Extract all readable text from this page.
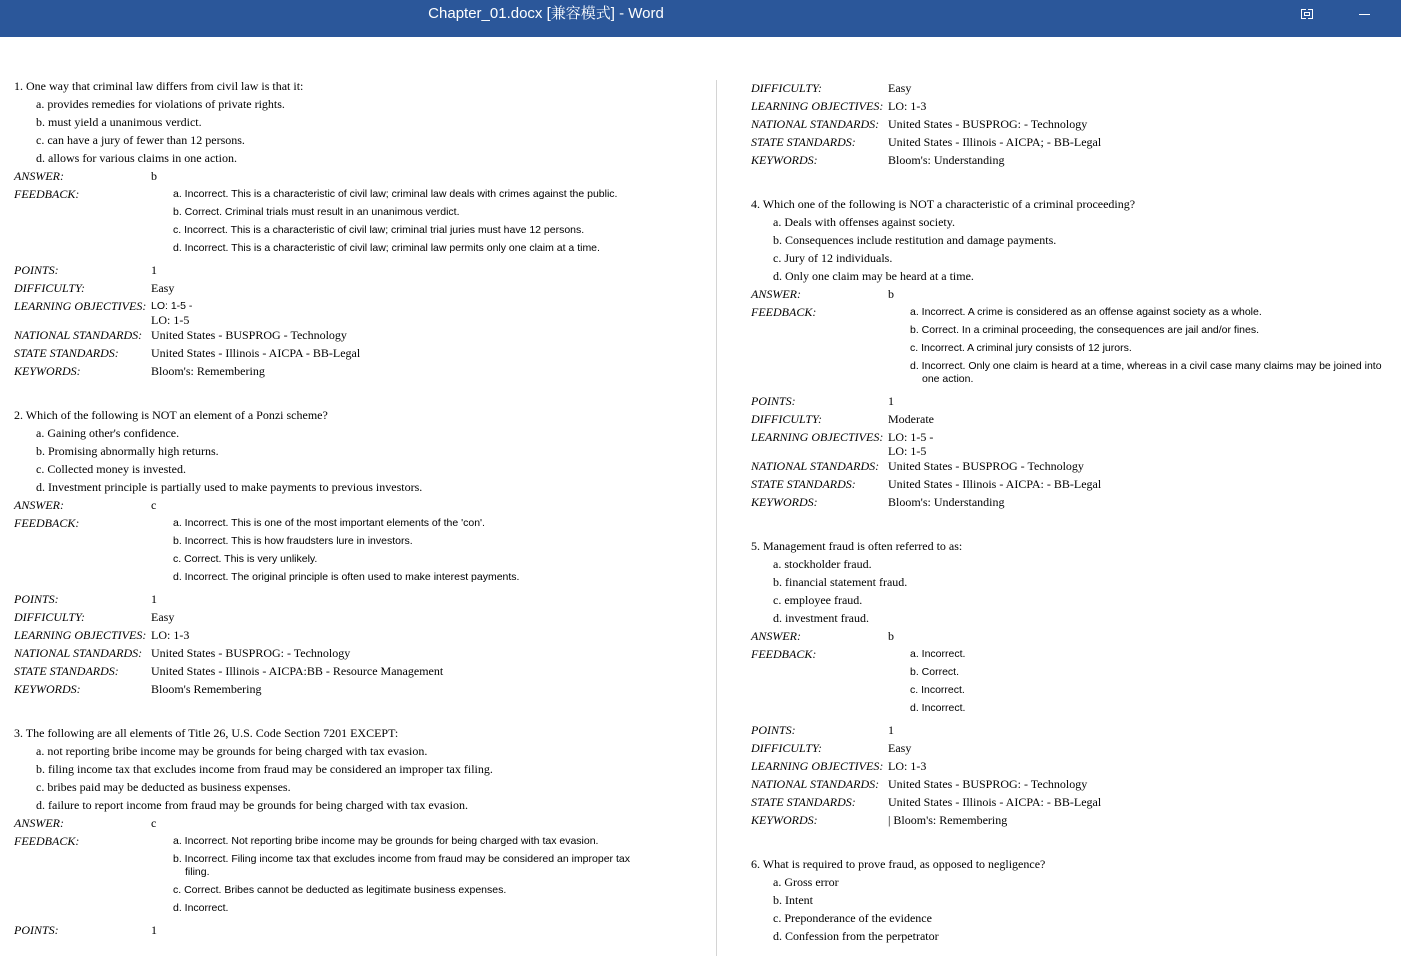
Chapter_01.docx [兼容模式] - Word
1. One way that criminal law differs from civil law is that it:
a. provides remedies for violations of private rights.
b. must yield a unanimous verdict.
c. can have a jury of fewer than 12 persons.
d. allows for various claims in one action.
ANSWER:	b
FEEDBACK:	a. Incorrect. This is a characteristic of civil law; criminal law deals with crimes against the public.
b. Correct. Criminal trials must result in an unanimous verdict.
c. Incorrect. This is a characteristic of civil law; criminal trial juries must have 12 persons.
d. Incorrect. This is a characteristic of civil law; criminal law permits only one claim at a time.
POINTS:	1
DIFFICULTY:	Easy
LEARNING OBJECTIVES: LO: 1-5 -
LO: 1-5
NATIONAL STANDARDS: United States - BUSPROG - Technology
STATE STANDARDS:	United States - Illinois - AICPA - BB-Legal
KEYWORDS:	Bloom's: Remembering
2. Which of the following is NOT an element of a Ponzi scheme?
a. Gaining other's confidence.
b. Promising abnormally high returns.
c. Collected money is invested.
d. Investment principle is partially used to make payments to previous investors.
ANSWER:	c
FEEDBACK:	a. Incorrect. This is one of the most important elements of the 'con'.
b. Incorrect. This is how fraudsters lure in investors.
c. Correct. This is very unlikely.
d. Incorrect. The original principle is often used to make interest payments.
POINTS:	1
DIFFICULTY:	Easy
LEARNING OBJECTIVES: LO: 1-3
NATIONAL STANDARDS: United States - BUSPROG: - Technology
STATE STANDARDS:	United States - Illinois - AICPA:BB - Resource Management
KEYWORDS:	Bloom's Remembering
3. The following are all elements of Title 26, U.S. Code Section 7201 EXCEPT:
a. not reporting bribe income may be grounds for being charged with tax evasion.
b. filing income tax that excludes income from fraud may be considered an improper tax filing.
c. bribes paid may be deducted as business expenses.
d. failure to report income from fraud may be grounds for being charged with tax evasion.
ANSWER:	c
FEEDBACK:	a. Incorrect. Not reporting bribe income may be grounds for being charged with tax evasion.
b. Incorrect. Filing income tax that excludes income from fraud may be considered an improper tax filing.
c. Correct. Bribes cannot be deducted as legitimate business expenses.
d. Incorrect.
POINTS:	1
DIFFICULTY:	Easy
LEARNING OBJECTIVES: LO: 1-3
NATIONAL STANDARDS: United States - BUSPROG: - Technology
STATE STANDARDS:	United States - Illinois - AICPA; - BB-Legal
KEYWORDS:	Bloom's: Understanding
4. Which one of the following is NOT a characteristic of a criminal proceeding?
a. Deals with offenses against society.
b. Consequences include restitution and damage payments.
c. Jury of 12 individuals.
d. Only one claim may be heard at a time.
ANSWER:	b
FEEDBACK:	a. Incorrect. A crime is considered as an offense against society as a whole.
b. Correct. In a criminal proceeding, the consequences are jail and/or fines.
c. Incorrect. A criminal jury consists of 12 jurors.
d. Incorrect. Only one claim is heard at a time, whereas in a civil case many claims may be joined into one action.
POINTS:	1
DIFFICULTY:	Moderate
LEARNING OBJECTIVES: LO: 1-5 -
LO: 1-5
NATIONAL STANDARDS: United States - BUSPROG - Technology
STATE STANDARDS:	United States - Illinois - AICPA: - BB-Legal
KEYWORDS:	Bloom's: Understanding
5. Management fraud is often referred to as:
a. stockholder fraud.
b. financial statement fraud.
c. employee fraud.
d. investment fraud.
ANSWER:	b
FEEDBACK:	a. Incorrect.
b. Correct.
c. Incorrect.
d. Incorrect.
POINTS:	1
DIFFICULTY:	Easy
LEARNING OBJECTIVES: LO: 1-3
NATIONAL STANDARDS: United States - BUSPROG: - Technology
STATE STANDARDS:	United States - Illinois - AICPA: - BB-Legal
KEYWORDS:	| Bloom's: Remembering
6. What is required to prove fraud, as opposed to negligence?
a. Gross error
b. Intent
c. Preponderance of the evidence
d. Confession from the perpetrator
